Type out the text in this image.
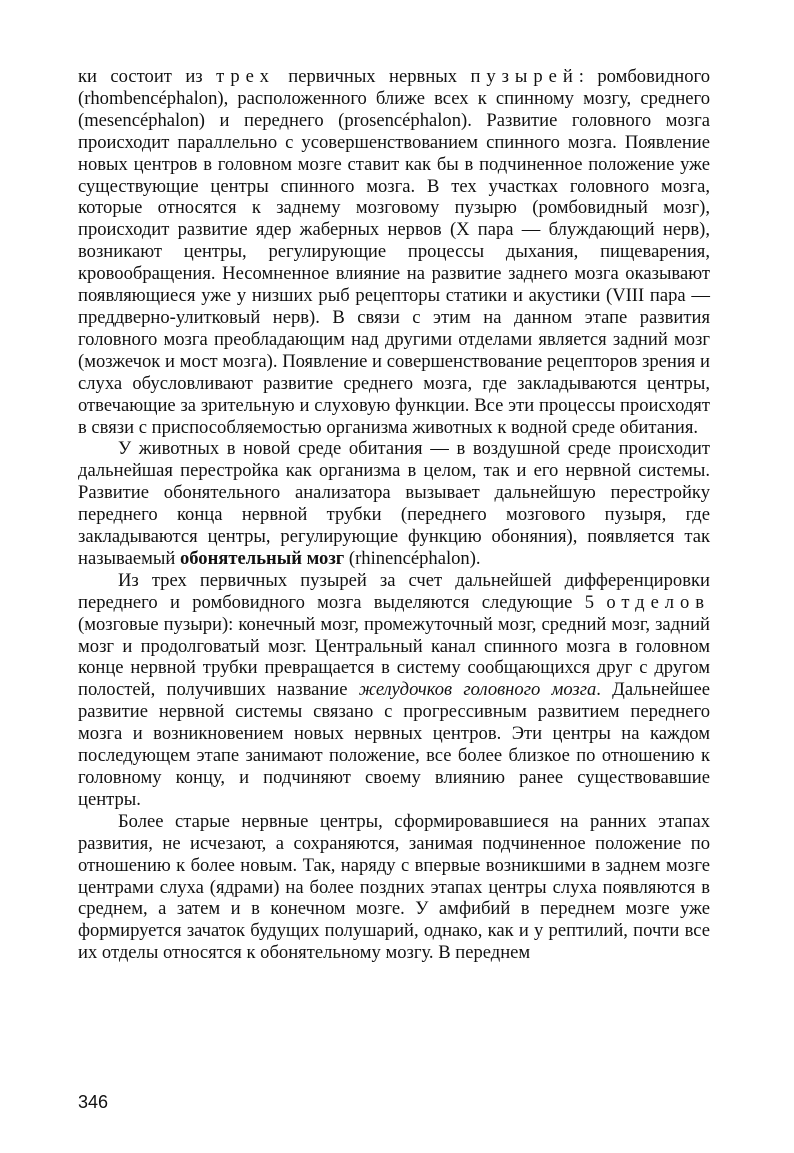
ки состоит из трех первичных нервных пузырей: ромбовидного (rhombencéphalon), расположенного ближе всех к спинному мозгу, среднего (mesencéphalon) и переднего (prosencéphalon). Развитие головного мозга происходит параллельно с усовершенствованием спинного мозга. Появление новых центров в головном мозге ставит как бы в подчиненное положение уже существующие центры спинного мозга. В тех участках головного мозга, которые относятся к заднему мозговому пузырю (ромбовидный мозг), происходит развитие ядер жаберных нервов (X пара — блуждающий нерв), возникают центры, регулирующие процессы дыхания, пищеварения, кровообращения. Несомненное влияние на развитие заднего мозга оказывают появляющиеся уже у низших рыб рецепторы статики и акустики (VIII пара — преддверно-улитковый нерв). В связи с этим на данном этапе развития головного мозга преобладающим над другими отделами является задний мозг (мозжечок и мост мозга). Появление и совершенствование рецепторов зрения и слуха обусловливают развитие среднего мозга, где закладываются центры, отвечающие за зрительную и слуховую функции. Все эти процессы происходят в связи с приспособляемостью организма животных к водной среде обитания.

У животных в новой среде обитания — в воздушной среде происходит дальнейшая перестройка как организма в целом, так и его нервной системы. Развитие обонятельного анализатора вызывает дальнейшую перестройку переднего конца нервной трубки (переднего мозгового пузыря, где закладываются центры, регулирующие функцию обоняния), появляется так называемый обонятельный мозг (rhinencéphalon).

Из трех первичных пузырей за счет дальнейшей дифференцировки переднего и ромбовидного мозга выделяются следующие 5 отделов (мозговые пузыри): конечный мозг, промежуточный мозг, средний мозг, задний мозг и продолговатый мозг. Центральный канал спинного мозга в головном конце нервной трубки превращается в систему сообщающихся друг с другом полостей, получивших название желудочков головного мозга. Дальнейшее развитие нервной системы связано с прогрессивным развитием переднего мозга и возникновением новых нервных центров. Эти центры на каждом последующем этапе занимают положение, все более близкое по отношению к головному концу, и подчиняют своему влиянию ранее существовавшие центры.

Более старые нервные центры, сформировавшиеся на ранних этапах развития, не исчезают, а сохраняются, занимая подчиненное положение по отношению к более новым. Так, наряду с впервые возникшими в заднем мозге центрами слуха (ядрами) на более поздних этапах центры слуха появляются в среднем, а затем и в конечном мозге. У амфибий в переднем мозге уже формируется зачаток будущих полушарий, однако, как и у рептилий, почти все их отделы относятся к обонятельному мозгу. В переднем

346
